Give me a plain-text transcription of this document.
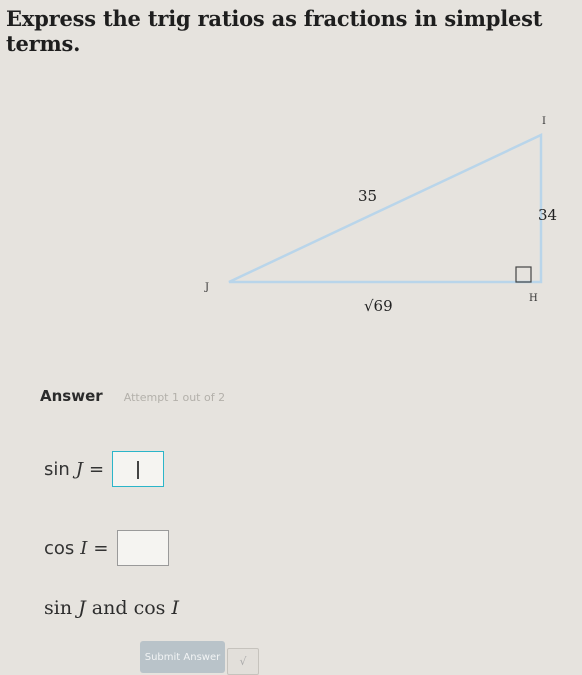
Express the trig ratios as fractions in simplest terms.
I
J
H
35
34
√69
Answer Attempt 1 out of 2
sin J =
cos I =
sin J and cos I
Submit Answer	√
